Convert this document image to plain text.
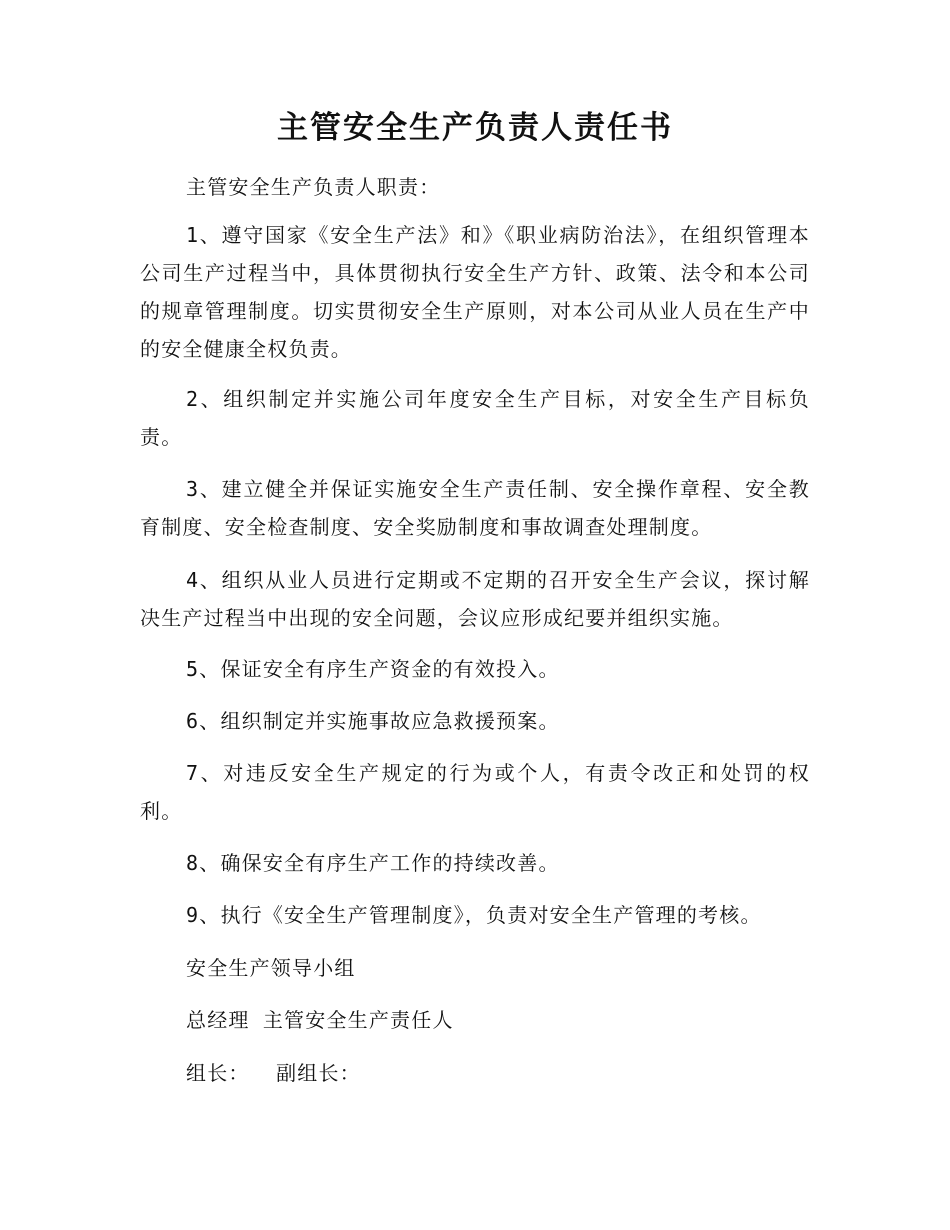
主管安全生产负责人责任书

主管安全生产负责人职责：

1、遵守国家《安全生产法》和》《职业病防治法》，在组织管理本公司生产过程当中，具体贯彻执行安全生产方针、政策、法令和本公司的规章管理制度。切实贯彻安全生产原则，对本公司从业人员在生产中的安全健康全权负责。

2、组织制定并实施公司年度安全生产目标，对安全生产目标负责。

3、建立健全并保证实施安全生产责任制、安全操作章程、安全教育制度、安全检查制度、安全奖励制度和事故调查处理制度。

4、组织从业人员进行定期或不定期的召开安全生产会议，探讨解决生产过程当中出现的安全问题，会议应形成纪要并组织实施。

5、保证安全有序生产资金的有效投入。

6、组织制定并实施事故应急救援预案。

7、对违反安全生产规定的行为或个人，有责令改正和处罚的权利。

8、确保安全有序生产工作的持续改善。

9、执行《安全生产管理制度》，负责对安全生产管理的考核。

安全生产领导小组

总经理 主管安全生产责任人

组长：  副组长：
